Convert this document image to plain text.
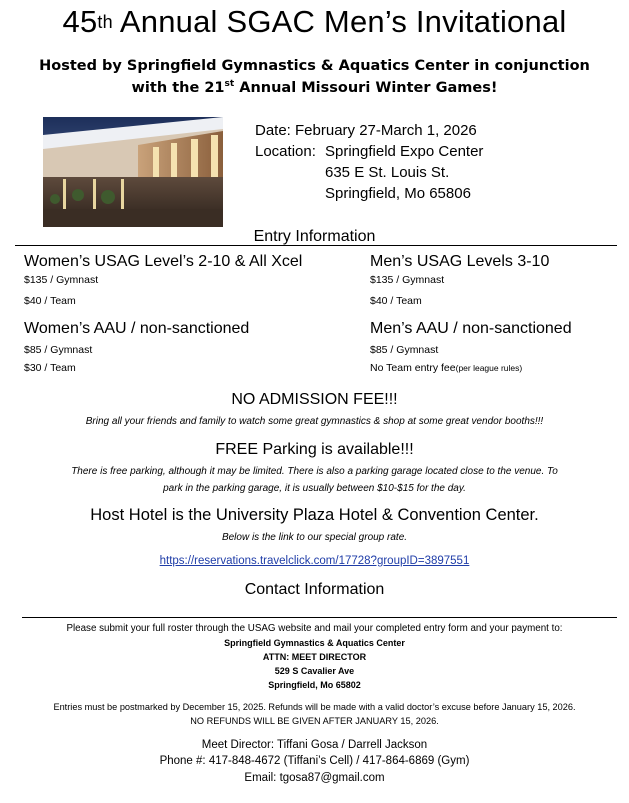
45th Annual SGAC Men’s Invitational
Hosted by Springfield Gymnastics & Aquatics Center in conjunction
with the 21st Annual Missouri Winter Games!
Date: February 27-March 1, 2026
Location: Springfield Expo Center
635 E St. Louis St.
Springfield, Mo 65806
Entry Information
Women’s USAG Level’s 2-10 & All Xcel
$135 / Gymnast
$40 / Team
Men’s USAG Levels 3-10
$135 / Gymnast
$40 / Team
Women’s AAU / non-sanctioned
$85 / Gymnast
$30 / Team
Men’s AAU / non-sanctioned
$85 / Gymnast
No Team entry fee(per league rules)
NO ADMISSION FEE!!!
Bring all your friends and family to watch some great gymnastics & shop at some great vendor booths!!!
FREE Parking is available!!!
There is free parking, although it may be limited. There is also a parking garage located close to the venue. To
park in the parking garage, it is usually between $10-$15 for the day.
Host Hotel is the University Plaza Hotel & Convention Center.
Below is the link to our special group rate.
https://reservations.travelclick.com/17728?groupID=3897551
Contact Information
Please submit your full roster through the USAG website and mail your completed entry form and your payment to:
Springfield Gymnastics & Aquatics Center
ATTN: MEET DIRECTOR
529 S Cavalier Ave
Springfield, Mo 65802
Entries must be postmarked by December 15, 2025. Refunds will be made with a valid doctor’s excuse before January 15, 2026.
NO REFUNDS WILL BE GIVEN AFTER JANUARY 15, 2026.
Meet Director: Tiffani Gosa / Darrell Jackson
Phone #: 417-848-4672 (Tiffani’s Cell) / 417-864-6869 (Gym)
Email: tgosa87@gmail.com
